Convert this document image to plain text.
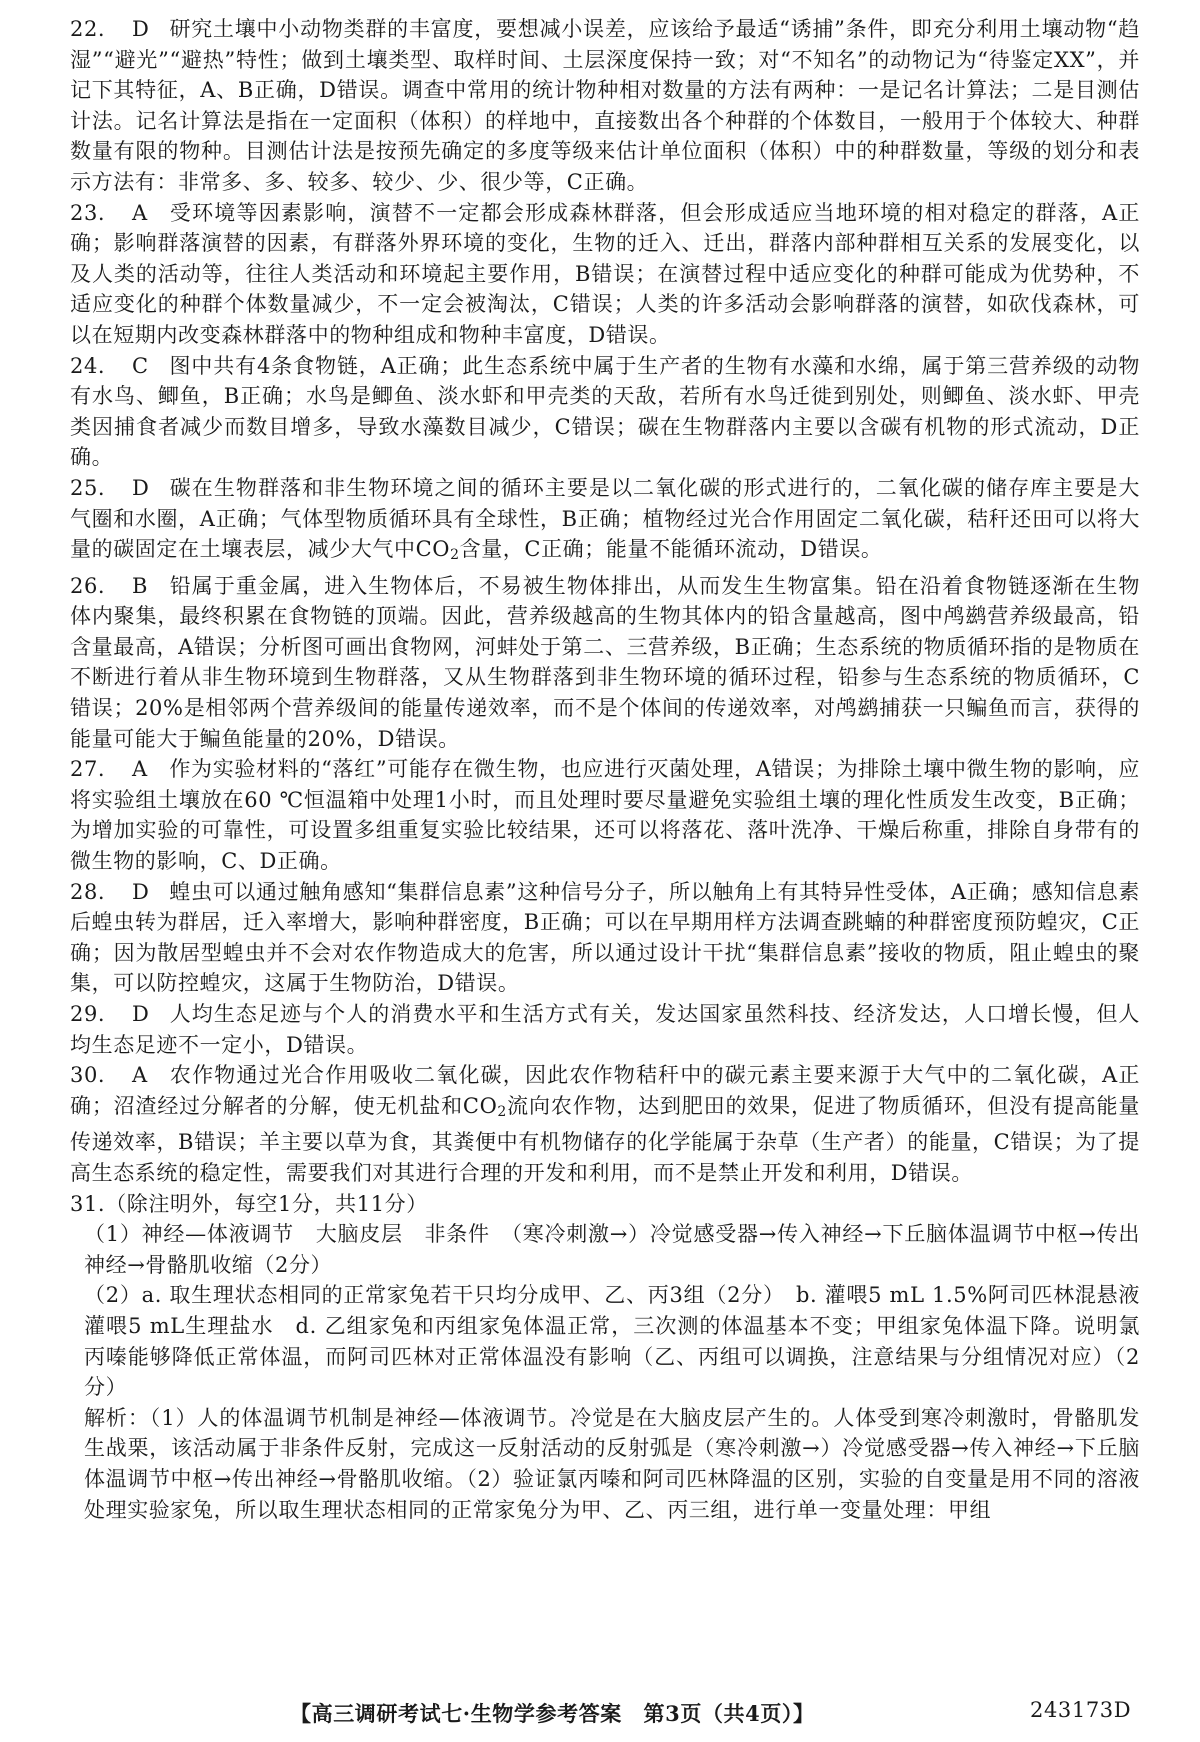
22. D 研究土壤中小动物类群的丰富度，要想减小误差，应该给予最适“诱捕”条件，即充分利用土壤动物“趋湿”“避光”“避热”特性；做到土壤类型、取样时间、土层深度保持一致；对“不知名”的动物记为“待鉴定XX”，并记下其特征，A、B正确，D错误。调查中常用的统计物种相对数量的方法有两种：一是记名计算法；二是目测估计法。记名计算法是指在一定面积（体积）的样地中，直接数出各个种群的个体数目，一般用于个体较大、种群数量有限的物种。目测估计法是按预先确定的多度等级来估计单位面积（体积）中的种群数量，等级的划分和表示方法有：非常多、多、较多、较少、少、很少等，C正确。

23. A 受环境等因素影响，演替不一定都会形成森林群落，但会形成适应当地环境的相对稳定的群落，A正确；影响群落演替的因素，有群落外界环境的变化，生物的迁入、迁出，群落内部种群相互关系的发展变化，以及人类的活动等，往往人类活动和环境起主要作用，B错误；在演替过程中适应变化的种群可能成为优势种，不适应变化的种群个体数量减少，不一定会被淘汰，C错误；人类的许多活动会影响群落的演替，如砍伐森林，可以在短期内改变森林群落中的物种组成和物种丰富度，D错误。

24. C 图中共有4条食物链，A正确；此生态系统中属于生产者的生物有水藻和水绵，属于第三营养级的动物有水鸟、鲫鱼，B正确；水鸟是鲫鱼、淡水虾和甲壳类的天敌，若所有水鸟迁徙到别处，则鲫鱼、淡水虾、甲壳类因捕食者减少而数目增多，导致水藻数目减少，C错误；碳在生物群落内主要以含碳有机物的形式流动，D正确。

25. D 碳在生物群落和非生物环境之间的循环主要是以二氧化碳的形式进行的，二氧化碳的储存库主要是大气圈和水圈，A正确；气体型物质循环具有全球性，B正确；植物经过光合作用固定二氧化碳，秸秆还田可以将大量的碳固定在土壤表层，减少大气中$CO_2$含量，C正确；能量不能循环流动，D错误。

26. B 铅属于重金属，进入生物体后，不易被生物体排出，从而发生生物富集。铅在沿着食物链逐渐在生物体内聚集，最终积累在食物链的顶端。因此，营养级越高的生物其体内的铅含量越高，图中鸬鹚营养级最高，铅含量最高，A错误；分析图可画出食物网，河蚌处于第二、三营养级，B正确；生态系统的物质循环指的是物质在不断进行着从非生物环境到生物群落，又从生物群落到非生物环境的循环过程，铅参与生态系统的物质循环，C错误；20%是相邻两个营养级间的能量传递效率，而不是个体间的传递效率，对鸬鹚捕获一只鳊鱼而言，获得的能量可能大于鳊鱼能量的20%，D错误。

27. A 作为实验材料的“落红”可能存在微生物，也应进行灭菌处理，A错误；为排除土壤中微生物的影响，应将实验组土壤放在60 ℃恒温箱中处理1小时，而且处理时要尽量避免实验组土壤的理化性质发生改变，B正确；为增加实验的可靠性，可设置多组重复实验比较结果，还可以将落花、落叶洗净、干燥后称重，排除自身带有的微生物的影响，C、D正确。

28. D 蝗虫可以通过触角感知“集群信息素”这种信号分子，所以触角上有其特异性受体，A正确；感知信息素后蝗虫转为群居，迁入率增大，影响种群密度，B正确；可以在早期用样方法调查跳蝻的种群密度预防蝗灾，C正确；因为散居型蝗虫并不会对农作物造成大的危害，所以通过设计干扰“集群信息素”接收的物质，阻止蝗虫的聚集，可以防控蝗灾，这属于生物防治，D错误。

29. D 人均生态足迹与个人的消费水平和生活方式有关，发达国家虽然科技、经济发达，人口增长慢，但人均生态足迹不一定小，D错误。

30. A 农作物通过光合作用吸收二氧化碳，因此农作物秸秆中的碳元素主要来源于大气中的二氧化碳，A正确；沼渣经过分解者的分解，使无机盐和$CO_2$流向农作物，达到肥田的效果，促进了物质循环，但没有提高能量传递效率，B错误；羊主要以草为食，其粪便中有机物储存的化学能属于杂草（生产者）的能量，C错误；为了提高生态系统的稳定性，需要我们对其进行合理的开发和利用，而不是禁止开发和利用，D错误。

31.（除注明外，每空1分，共11分）

（1）神经—体液调节　大脑皮层　非条件　（寒冷刺激→）冷觉感受器→传入神经→下丘脑体温调节中枢→传出神经→骨骼肌收缩（2分）

（2）a. 取生理状态相同的正常家兔若干只均分成甲、乙、丙3组（2分）　b. 灌喂5 mL 1.5%阿司匹林混悬液　灌喂5 mL生理盐水　d. 乙组家兔和丙组家兔体温正常，三次测的体温基本不变；甲组家兔体温下降。说明氯丙嗪能够降低正常体温，而阿司匹林对正常体温没有影响（乙、丙组可以调换，注意结果与分组情况对应）（2分）

解析：（1）人的体温调节机制是神经—体液调节。冷觉是在大脑皮层产生的。人体受到寒冷刺激时，骨骼肌发生战栗，该活动属于非条件反射，完成这一反射活动的反射弧是（寒冷刺激→）冷觉感受器→传入神经→下丘脑体温调节中枢→传出神经→骨骼肌收缩。（2）验证氯丙嗪和阿司匹林降温的区别，实验的自变量是用不同的溶液处理实验家兔，所以取生理状态相同的正常家兔分为甲、乙、丙三组，进行单一变量处理：甲组

【高三调研考试七·生物学参考答案　第3页（共4页）】	243173D
